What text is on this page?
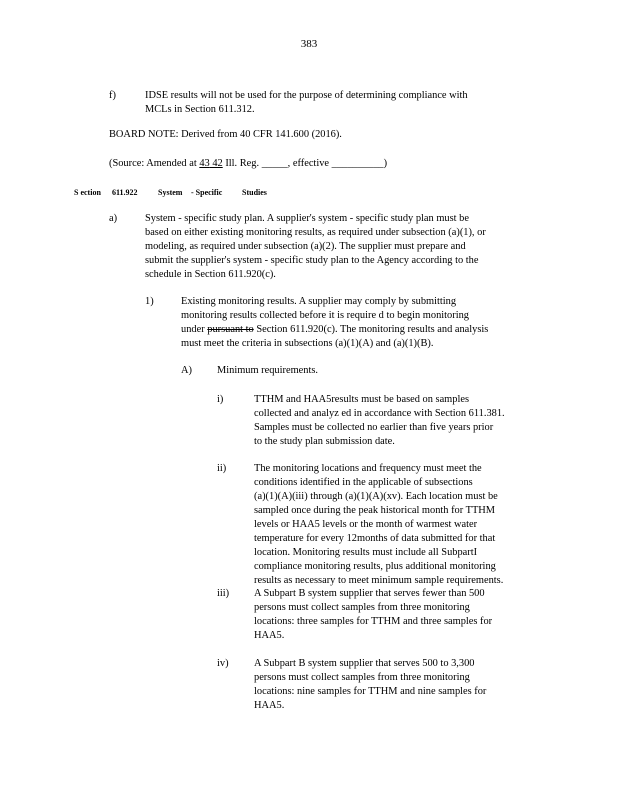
383
f)	IDSE results will not be used for the purpose of determining compliance with
MCLs in Section 611.312.
BOARD NOTE: Derived from 40 CFR 141.600 (2016).
(Source: Amended at 43 42 Ill. Reg. _____, effective __________)
S ection 611.922	System - Specific Studies
a)	System - specific study plan. A supplier's system - specific study plan must be
based on either existing monitoring results, as required under subsection (a)(1), or
modeling, as required under subsection (a)(2). The supplier must prepare and
submit the supplier's system - specific study plan to the Agency according to the
schedule in Section 611.920(c).
1)	Existing monitoring results. A supplier may comply by submitting
monitoring results collected before it is require d to begin monitoring
under pursuant to Section 611.920(c). The monitoring results and analysis
must meet the criteria in subsections (a)(1)(A) and (a)(1)(B).
A) Minimum requirements.
i)	TTHM and HAA5results must be based on samples
collected and analyz ed in accordance with Section 611.381.
Samples must be collected no earlier than five years prior
to the study plan submission date.
ii)	The monitoring locations and frequency must meet the
conditions identified in the applicable of subsections
(a)(1)(A)(iii) through (a)(1)(A)(xv). Each location must be
sampled once during the peak historical month for TTHM
levels or HAA5 levels or the month of warmest water
temperature for every 12months of data submitted for that
location. Monitoring results must include all SubpartI
compliance monitoring results, plus additional monitoring
results as necessary to meet minimum sample requirements.
iii) A Subpart B system supplier that serves fewer than 500
persons must collect samples from three monitoring
locations: three samples for TTHM and three samples for
HAA5.
iv) A Subpart B system supplier that serves 500 to 3,300
persons must collect samples from three monitoring
locations: nine samples for TTHM and nine samples for
HAA5.
